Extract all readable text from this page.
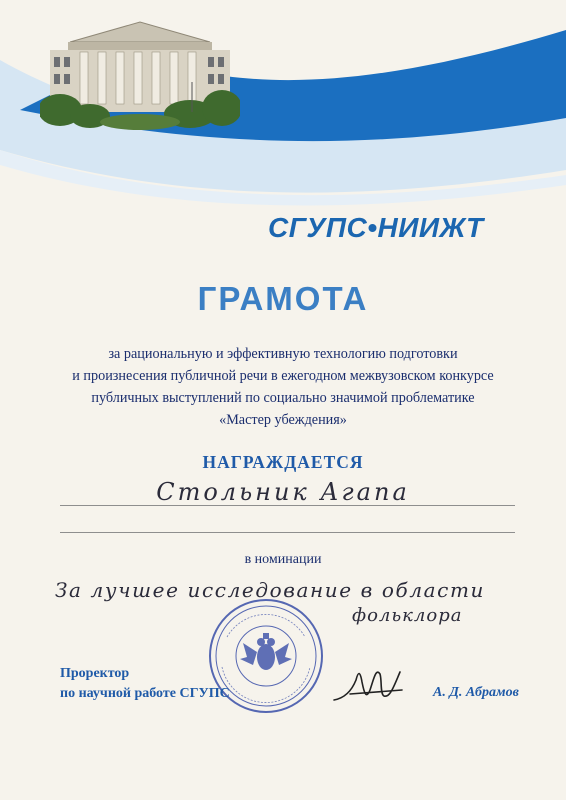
СГУПС•НИИЖТ
ГРАМОТА
за рациональную и эффективную технологию подготовки
и произнесения публичной речи в ежегодном межвузовском конкурсе
публичных выступлений по социально значимой проблематике
«Мастер убеждения»
НАГРАЖДАЕТСЯ
Стольник Агапа
в номинации
За лучшее исследование в области
фольклора
Проректор
по научной работе СГУПС	А. Д. Абрамов
